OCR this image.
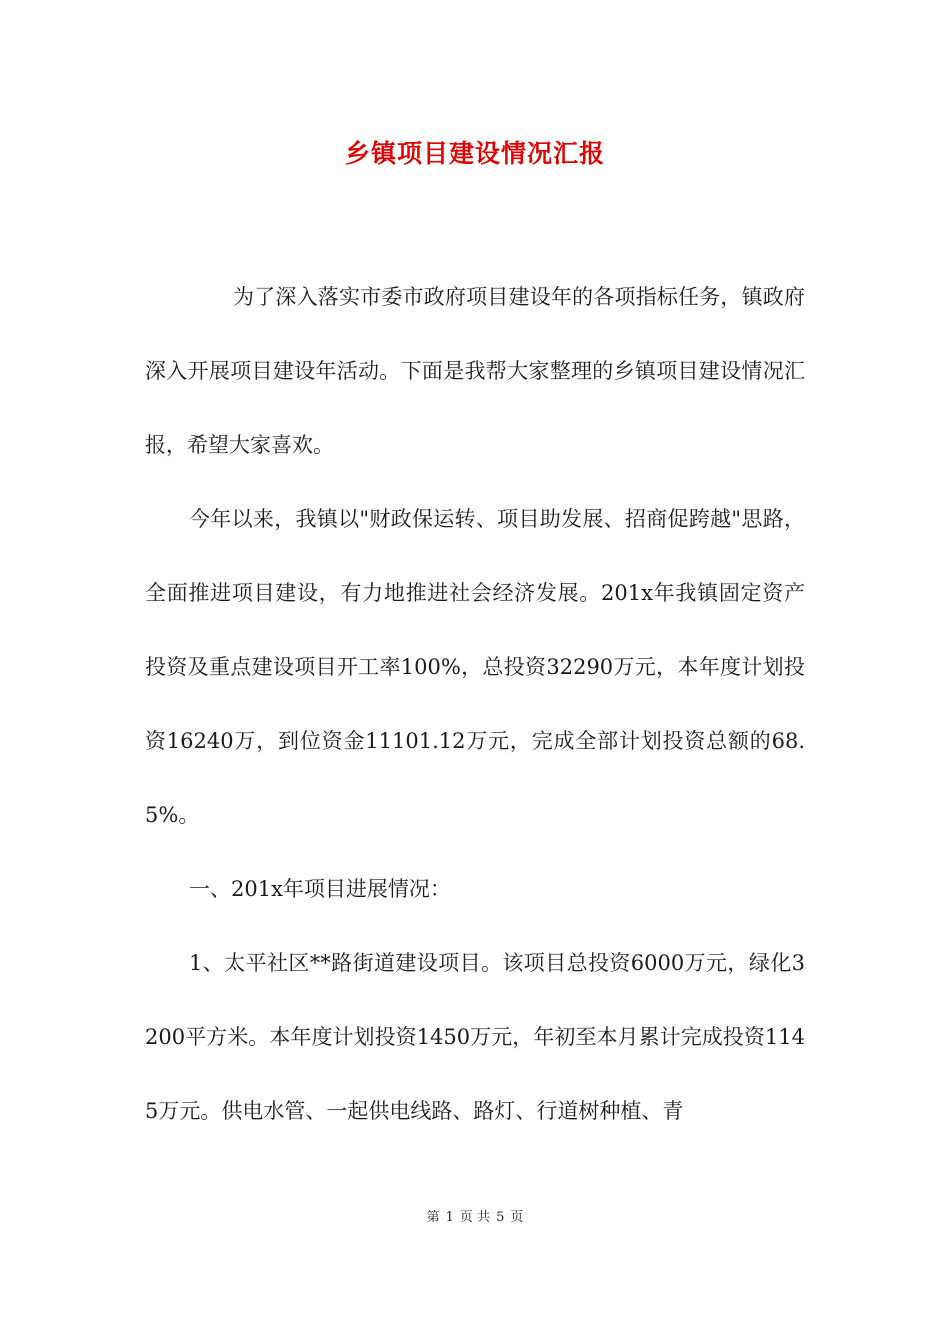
乡镇项目建设情况汇报

为了深入落实市委市政府项目建设年的各项指标任务，镇政府深入开展项目建设年活动。下面是我帮大家整理的乡镇项目建设情况汇报，希望大家喜欢。

今年以来，我镇以"财政保运转、项目助发展、招商促跨越"思路，全面推进项目建设，有力地推进社会经济发展。201x年我镇固定资产投资及重点建设项目开工率100%，总投资32290万元，本年度计划投资16240万，到位资金11101.12万元，完成全部计划投资总额的68.5%。

一、201x年项目进展情况：

1、太平社区**路街道建设项目。该项目总投资6000万元，绿化3200平方米。本年度计划投资1450万元，年初至本月累计完成投资1145万元。供电水管、一起供电线路、路灯、行道树种植、青

第 1 页 共 5 页
